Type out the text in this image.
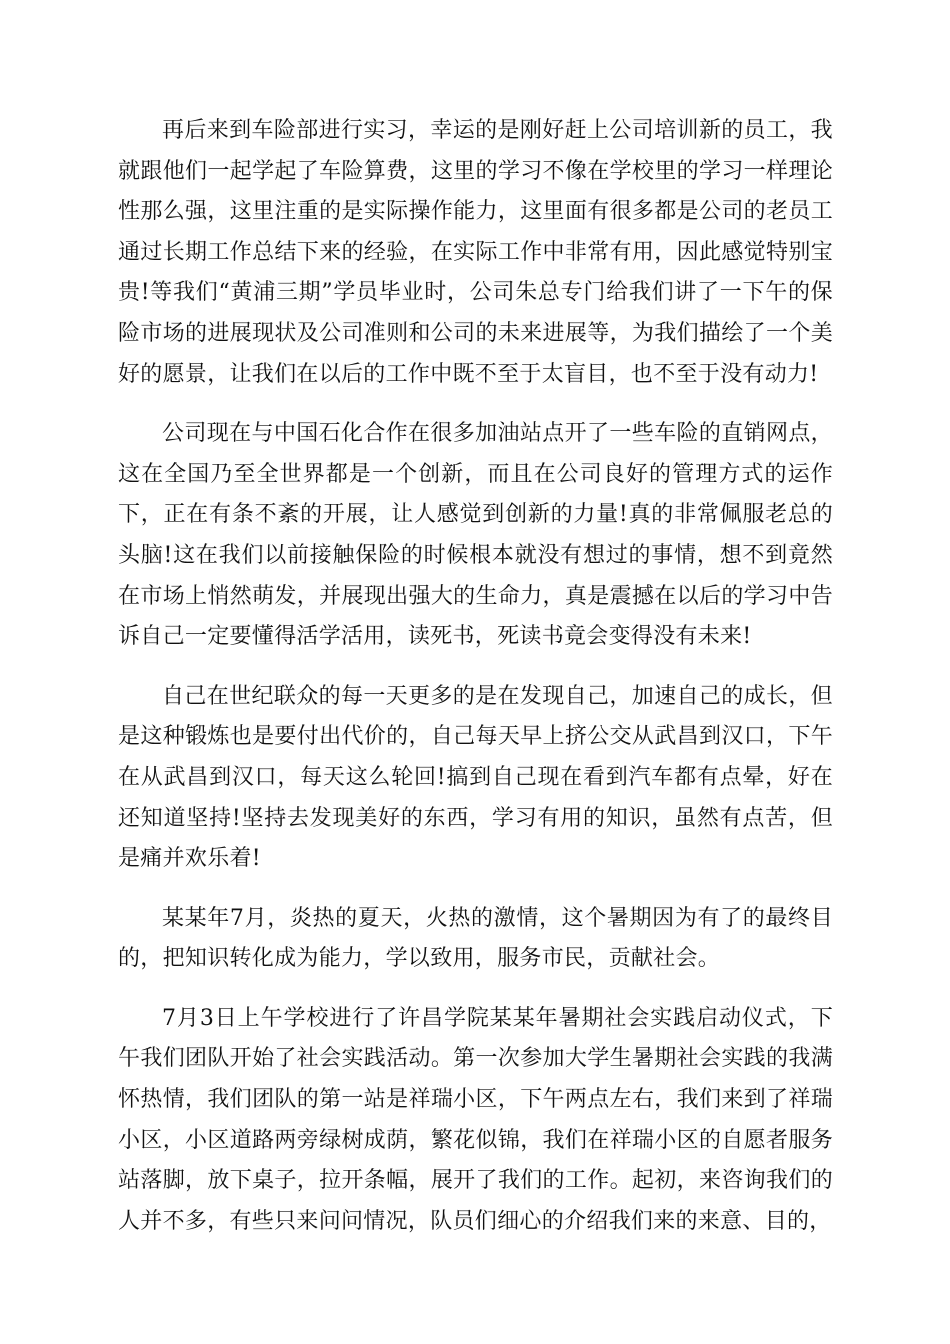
再后来到车险部进行实习，幸运的是刚好赶上公司培训新的员工，我就跟他们一起学起了车险算费，这里的学习不像在学校里的学习一样理论性那么强，这里注重的是实际操作能力，这里面有很多都是公司的老员工通过长期工作总结下来的经验，在实际工作中非常有用，因此感觉特别宝贵!等我们“黄浦三期”学员毕业时，公司朱总专门给我们讲了一下午的保险市场的进展现状及公司准则和公司的未来进展等，为我们描绘了一个美好的愿景，让我们在以后的工作中既不至于太盲目，也不至于没有动力!

公司现在与中国石化合作在很多加油站点开了一些车险的直销网点，这在全国乃至全世界都是一个创新，而且在公司良好的管理方式的运作下，正在有条不紊的开展，让人感觉到创新的力量!真的非常佩服老总的头脑!这在我们以前接触保险的时候根本就没有想过的事情，想不到竟然在市场上悄然萌发，并展现出强大的生命力，真是震撼在以后的学习中告诉自己一定要懂得活学活用，读死书，死读书竟会变得没有未来!

自己在世纪联众的每一天更多的是在发现自己，加速自己的成长，但是这种锻炼也是要付出代价的，自己每天早上挤公交从武昌到汉口，下午在从武昌到汉口，每天这么轮回!搞到自己现在看到汽车都有点晕，好在还知道坚持!坚持去发现美好的东西，学习有用的知识，虽然有点苦，但是痛并欢乐着!

某某年7月，炎热的夏天，火热的激情，这个暑期因为有了的最终目的，把知识转化成为能力，学以致用，服务市民，贡献社会。

7月3日上午学校进行了许昌学院某某年暑期社会实践启动仪式，下午我们团队开始了社会实践活动。第一次参加大学生暑期社会实践的我满怀热情，我们团队的第一站是祥瑞小区，下午两点左右，我们来到了祥瑞小区，小区道路两旁绿树成荫，繁花似锦，我们在祥瑞小区的自愿者服务站落脚，放下桌子，拉开条幅，展开了我们的工作。起初，来咨询我们的人并不多，有些只来问问情况，队员们细心的介绍我们来的来意、目的，
